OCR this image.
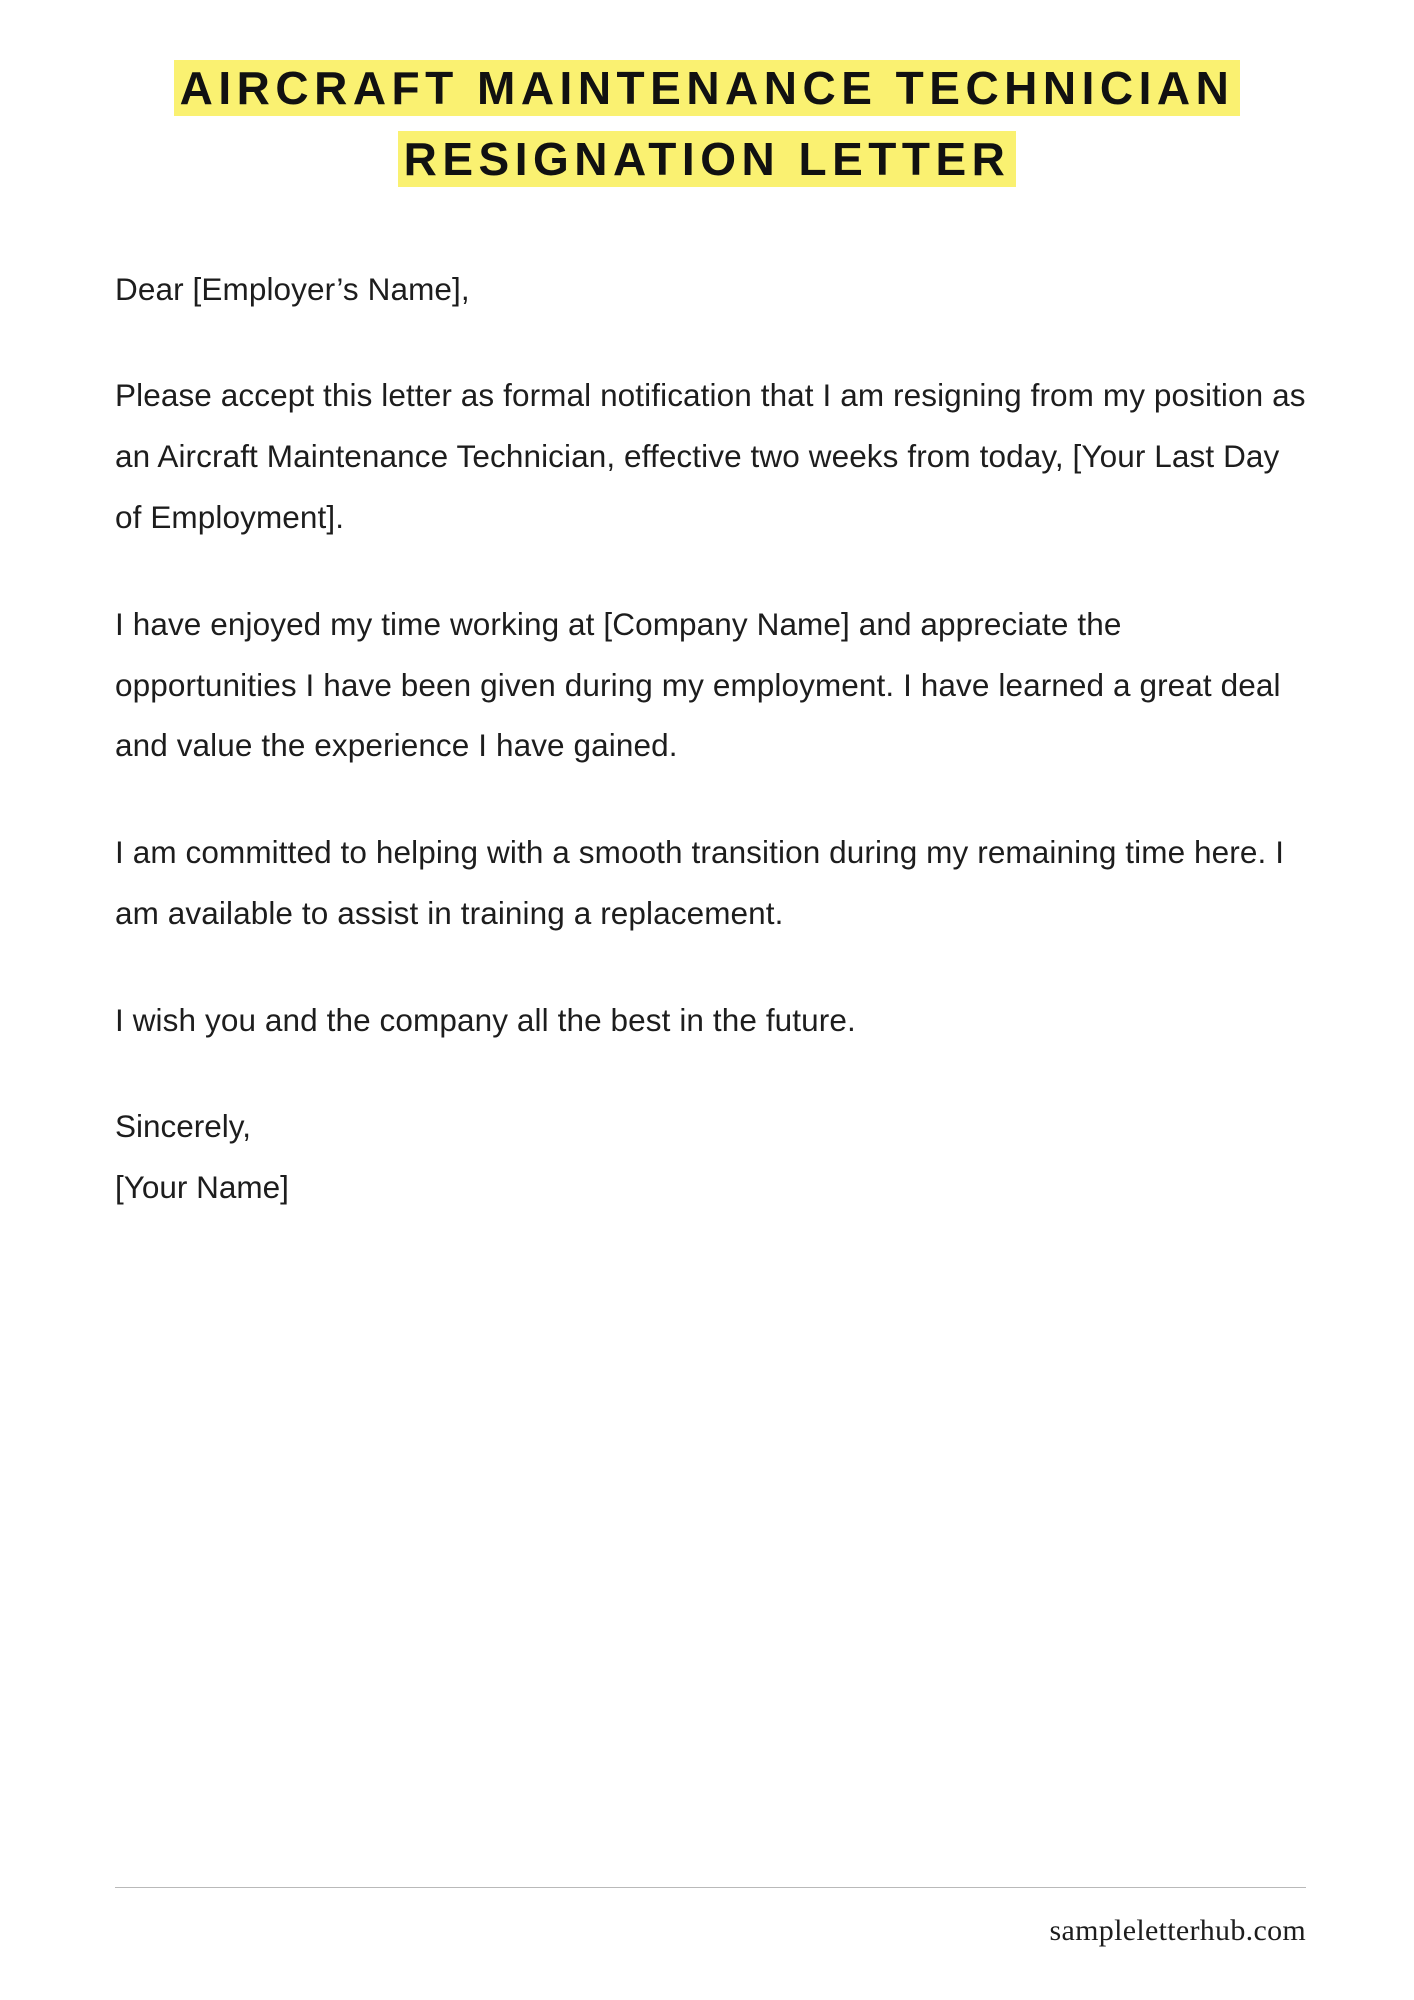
AIRCRAFT MAINTENANCE TECHNICIAN
RESIGNATION LETTER

Dear [Employer’s Name],

Please accept this letter as formal notification that I am resigning from my position as an Aircraft Maintenance Technician, effective two weeks from today, [Your Last Day of Employment].

I have enjoyed my time working at [Company Name] and appreciate the opportunities I have been given during my employment. I have learned a great deal and value the experience I have gained.

I am committed to helping with a smooth transition during my remaining time here. I am available to assist in training a replacement.

I wish you and the company all the best in the future.

Sincerely,
[Your Name]
sampleletterhub.com
